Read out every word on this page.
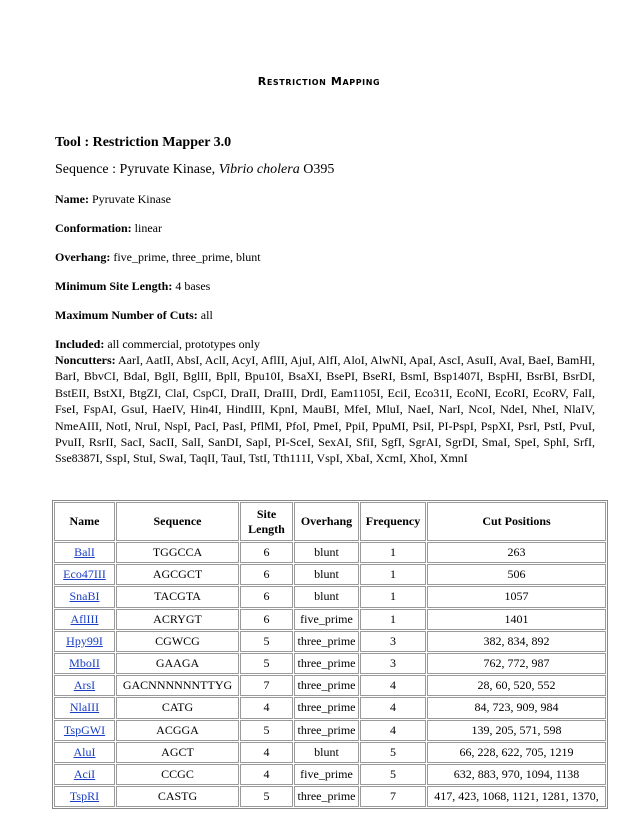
Restriction Mapping

Tool : Restriction Mapper 3.0

Sequence : Pyruvate Kinase, Vibrio cholera O395

Name: Pyruvate Kinase

Conformation: linear

Overhang: five_prime, three_prime, blunt

Minimum Site Length: 4 bases

Maximum Number of Cuts: all

Included: all commercial, prototypes only

Noncutters: AarI, AatII, AbsI, AclI, AcyI, AflII, AjuI, AlfI, AloI, AlwNI, ApaI, AscI, AsuII, AvaI, BaeI, BamHI, BarI, BbvCI, BdaI, BglI, BglII, BplI, Bpu10I, BsaXI, BsePI, BseRI, BsmI, Bsp1407I, BspHI, BsrBI, BsrDI, BstEII, BstXI, BtgZI, ClaI, CspCI, DraII, DraIII, DrdI, Eam1105I, EciI, Eco31I, EcoNI, EcoRI, EcoRV, FalI, FseI, FspAI, GsuI, HaeIV, Hin4I, HindIII, KpnI, MauBI, MfeI, MluI, NaeI, NarI, NcoI, NdeI, NheI, NlaIV, NmeAIII, NotI, NruI, NspI, PacI, PasI, PflMI, PfoI, PmeI, PpiI, PpuMI, PsiI, PI-PspI, PspXI, PsrI, PstI, PvuI, PvuII, RsrII, SacI, SacII, SalI, SanDI, SapI, PI-SceI, SexAI, SfiI, SgfI, SgrAI, SgrDI, SmaI, SpeI, SphI, SrfI, Sse8387I, SspI, StuI, SwaI, TaqII, TauI, TstI, Tth111I, VspI, XbaI, XcmI, XhoI, XmnI

Name	Sequence	Site Length	Overhang	Frequency	Cut Positions
BalI	TGGCCA	6	blunt	1	263
Eco47III	AGCGCT	6	blunt	1	506
SnaBI	TACGTA	6	blunt	1	1057
AflIII	ACRYGT	6	five_prime	1	1401
Hpy99I	CGWCG	5	three_prime	3	382, 834, 892
MboII	GAAGA	5	three_prime	3	762, 772, 987
ArsI	GACNNNNNNTTYG	7	three_prime	4	28, 60, 520, 552
NlaIII	CATG	4	three_prime	4	84, 723, 909, 984
TspGWI	ACGGA	5	three_prime	4	139, 205, 571, 598
AluI	AGCT	4	blunt	5	66, 228, 622, 705, 1219
AciI	CCGC	4	five_prime	5	632, 883, 970, 1094, 1138
TspRI	CASTG	5	three_prime	7	417, 423, 1068, 1121, 1281, 1370,
